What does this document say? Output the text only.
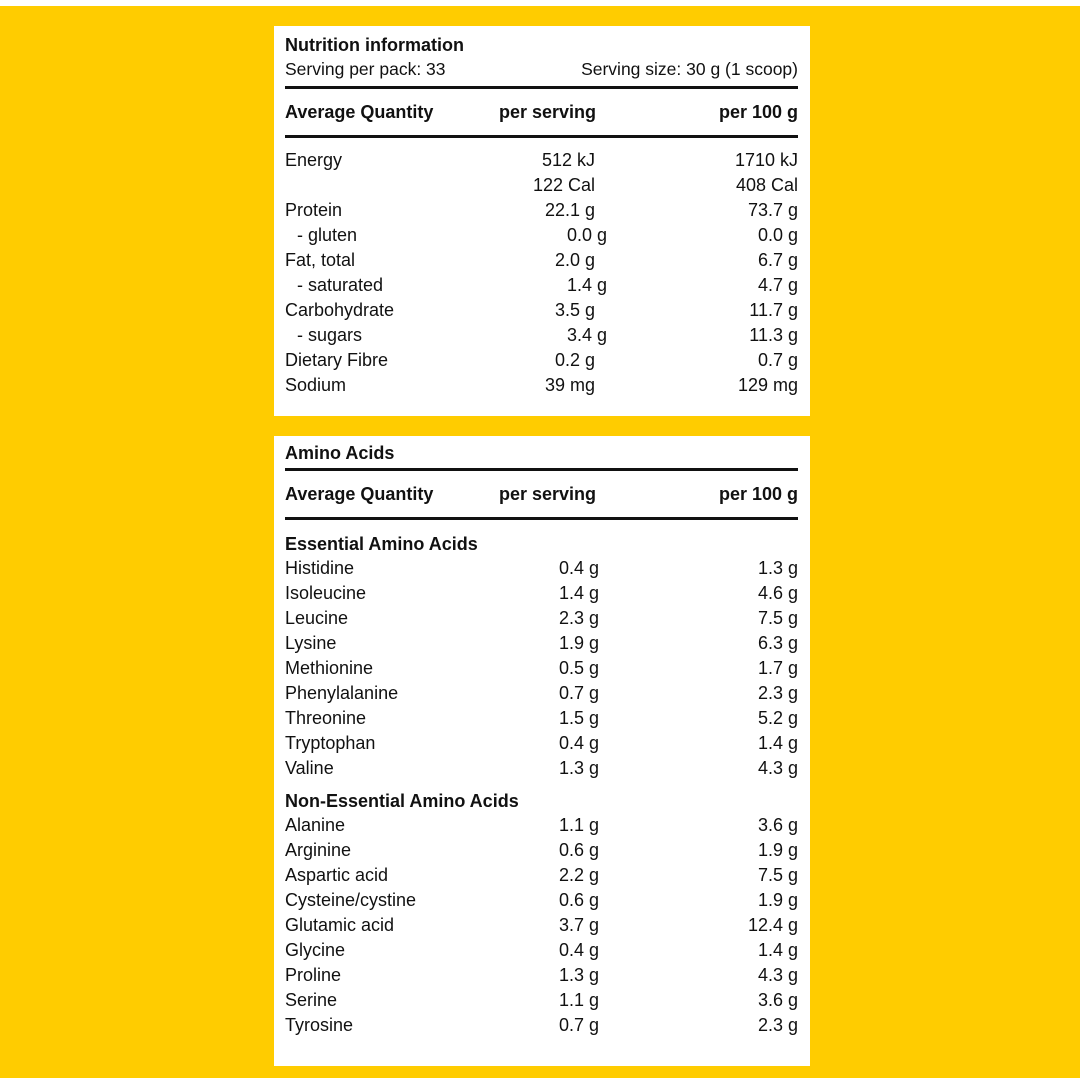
Nutrition information
Serving per pack: 33	Serving size: 30 g (1 scoop)
Average Quantity	per serving	per 100 g
Energy	512 kJ	1710 kJ
122 Cal	408 Cal
Protein	22.1 g	73.7 g
- gluten	0.0 g	0.0 g
Fat, total	2.0 g	6.7 g
- saturated	1.4 g	4.7 g
Carbohydrate	3.5 g	11.7 g
- sugars	3.4 g	11.3 g
Dietary Fibre	0.2 g	0.7 g
Sodium	39 mg	129 mg
Amino Acids
Average Quantity	per serving	per 100 g
Essential Amino Acids
Histidine	0.4 g	1.3 g
Isoleucine	1.4 g	4.6 g
Leucine	2.3 g	7.5 g
Lysine	1.9 g	6.3 g
Methionine	0.5 g	1.7 g
Phenylalanine	0.7 g	2.3 g
Threonine	1.5 g	5.2 g
Tryptophan	0.4 g	1.4 g
Valine	1.3 g	4.3 g
Non-Essential Amino Acids
Alanine	1.1 g	3.6 g
Arginine	0.6 g	1.9 g
Aspartic acid	2.2 g	7.5 g
Cysteine/cystine	0.6 g	1.9 g
Glutamic acid	3.7 g	12.4 g
Glycine	0.4 g	1.4 g
Proline	1.3 g	4.3 g
Serine	1.1 g	3.6 g
Tyrosine	0.7 g	2.3 g
